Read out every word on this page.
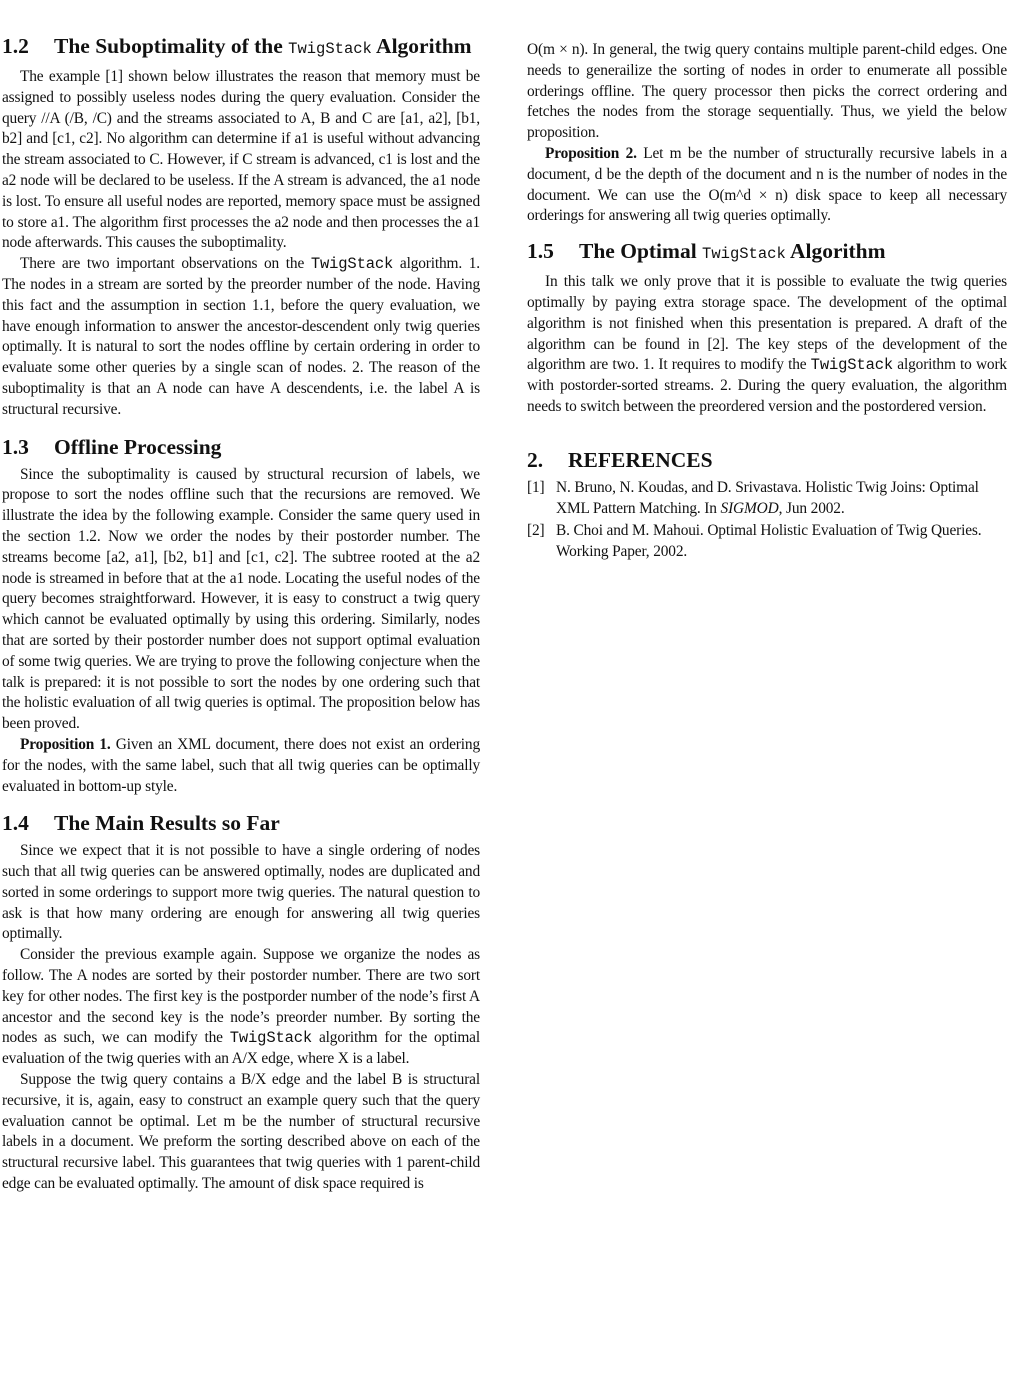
1.2	The Suboptimality of the TwigStack Algorithm

The example [1] shown below illustrates the reason that memory must be assigned to possibly useless nodes during the query evaluation. Consider the query //A (/B, /C) and the streams associated to A, B and C are [a1, a2], [b1, b2] and [c1, c2]. No algorithm can determine if a1 is useful without advancing the stream associated to C. However, if C stream is advanced, c1 is lost and the a2 node will be declared to be useless. If the A stream is advanced, the a1 node is lost. To ensure all useful nodes are reported, memory space must be assigned to store a1. The algorithm first processes the a2 node and then processes the a1 node afterwards. This causes the suboptimality.

There are two important observations on the TwigStack algorithm. 1. The nodes in a stream are sorted by the preorder number of the node. Having this fact and the assumption in section 1.1, before the query evaluation, we have enough information to answer the ancestor-descendent only twig queries optimally. It is natural to sort the nodes offline by certain ordering in order to evaluate some other queries by a single scan of nodes. 2. The reason of the suboptimality is that an A node can have A descendents, i.e. the label A is structural recursive.

1.3	Offline Processing

Since the suboptimality is caused by structural recursion of labels, we propose to sort the nodes offline such that the recursions are removed. We illustrate the idea by the following example. Consider the same query used in the section 1.2. Now we order the nodes by their postorder number. The streams become [a2, a1], [b2, b1] and [c1, c2]. The subtree rooted at the a2 node is streamed in before that at the a1 node. Locating the useful nodes of the query becomes straightforward. However, it is easy to construct a twig query which cannot be evaluated optimally by using this ordering. Similarly, nodes that are sorted by their postorder number does not support optimal evaluation of some twig queries. We are trying to prove the following conjecture when the talk is prepared: it is not possible to sort the nodes by one ordering such that the holistic evaluation of all twig queries is optimal. The proposition below has been proved.

Proposition 1. Given an XML document, there does not exist an ordering for the nodes, with the same label, such that all twig queries can be optimally evaluated in bottom-up style.

1.4	The Main Results so Far

Since we expect that it is not possible to have a single ordering of nodes such that all twig queries can be answered optimally, nodes are duplicated and sorted in some orderings to support more twig queries. The natural question to ask is that how many ordering are enough for answering all twig queries optimally.

Consider the previous example again. Suppose we organize the nodes as follow. The A nodes are sorted by their postorder number. There are two sort key for other nodes. The first key is the postporder number of the node’s first A ancestor and the second key is the node’s preorder number. By sorting the nodes as such, we can modify the TwigStack algorithm for the optimal evaluation of the twig queries with an A/X edge, where X is a label.

Suppose the twig query contains a B/X edge and the label B is structural recursive, it is, again, easy to construct an example query such that the query evaluation cannot be optimal. Let m be the number of structural recursive labels in a document. We preform the sorting described above on each of the structural recursive label. This guarantees that twig queries with 1 parent-child edge can be evaluated optimally. The amount of disk space required is

O(m × n). In general, the twig query contains multiple parent-child edges. One needs to generailize the sorting of nodes in order to enumerate all possible orderings offline. The query processor then picks the correct ordering and fetches the nodes from the storage sequentially. Thus, we yield the below proposition.

Proposition 2. Let m be the number of structurally recursive labels in a document, d be the depth of the document and n is the number of nodes in the document. We can use the O(m^d × n) disk space to keep all necessary orderings for answering all twig queries optimally.

1.5	The Optimal TwigStack Algorithm

In this talk we only prove that it is possible to evaluate the twig queries optimally by paying extra storage space. The development of the optimal algorithm is not finished when this presentation is prepared. A draft of the algorithm can be found in [2]. The key steps of the development of the algorithm are two. 1. It requires to modify the TwigStack algorithm to work with postorder-sorted streams. 2. During the query evaluation, the algorithm needs to switch between the preordered version and the postordered version.

2.	REFERENCES
[1] N. Bruno, N. Koudas, and D. Srivastava. Holistic Twig Joins: Optimal XML Pattern Matching. In SIGMOD, Jun 2002.
[2] B. Choi and M. Mahoui. Optimal Holistic Evaluation of Twig Queries. Working Paper, 2002.
